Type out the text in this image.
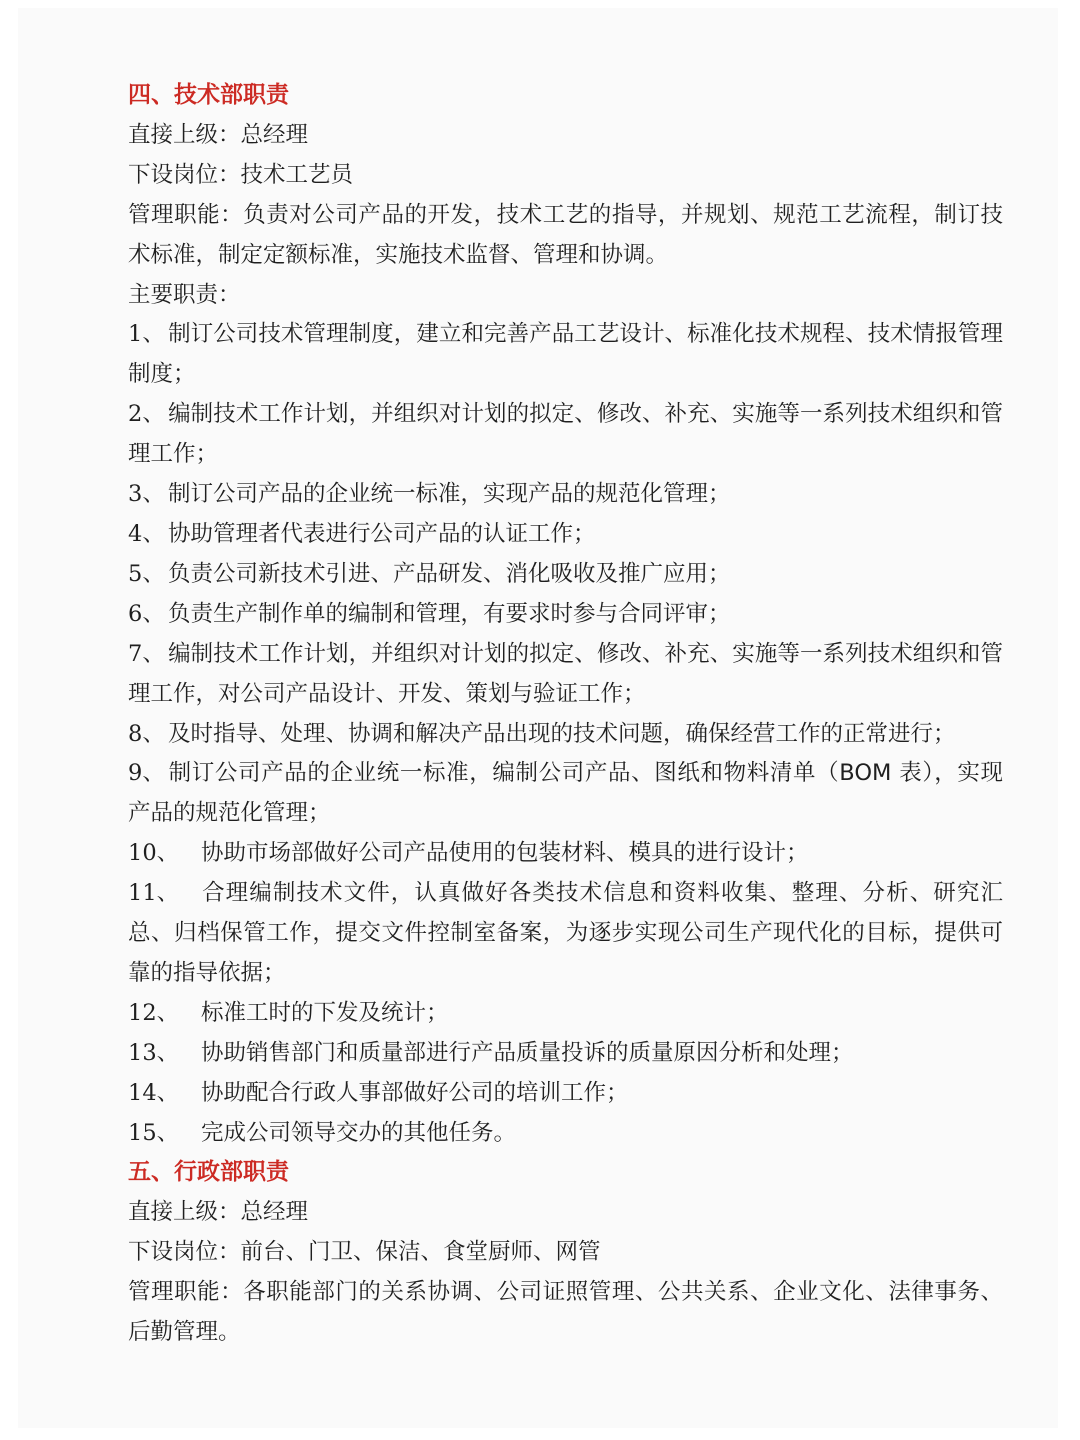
四、技术部职责

直接上级：总经理

下设岗位：技术工艺员

管理职能：负责对公司产品的开发，技术工艺的指导，并规划、规范工艺流程，制订技术标准，制定定额标准，实施技术监督、管理和协调。

主要职责：

1、 制订公司技术管理制度，建立和完善产品工艺设计、标准化技术规程、技术情报管理制度；

2、 编制技术工作计划，并组织对计划的拟定、修改、补充、实施等一系列技术组织和管理工作；

3、 制订公司产品的企业统一标准，实现产品的规范化管理；

4、 协助管理者代表进行公司产品的认证工作；

5、 负责公司新技术引进、产品研发、消化吸收及推广应用；

6、 负责生产制作单的编制和管理，有要求时参与合同评审；

7、 编制技术工作计划，并组织对计划的拟定、修改、补充、实施等一系列技术组织和管理工作，对公司产品设计、开发、策划与验证工作；

8、 及时指导、处理、协调和解决产品出现的技术问题，确保经营工作的正常进行；

9、 制订公司产品的企业统一标准，编制公司产品、图纸和物料清单（BOM 表），实现产品的规范化管理；

10、 协助市场部做好公司产品使用的包装材料、模具的进行设计；

11、 合理编制技术文件，认真做好各类技术信息和资料收集、整理、分析、研究汇总、归档保管工作，提交文件控制室备案，为逐步实现公司生产现代化的目标，提供可靠的指导依据；

12、 标准工时的下发及统计；

13、 协助销售部门和质量部进行产品质量投诉的质量原因分析和处理；

14、 协助配合行政人事部做好公司的培训工作；

15、 完成公司领导交办的其他任务。

五、行政部职责

直接上级：总经理

下设岗位：前台、门卫、保洁、食堂厨师、网管

管理职能：各职能部门的关系协调、公司证照管理、公共关系、企业文化、法律事务、后勤管理。
